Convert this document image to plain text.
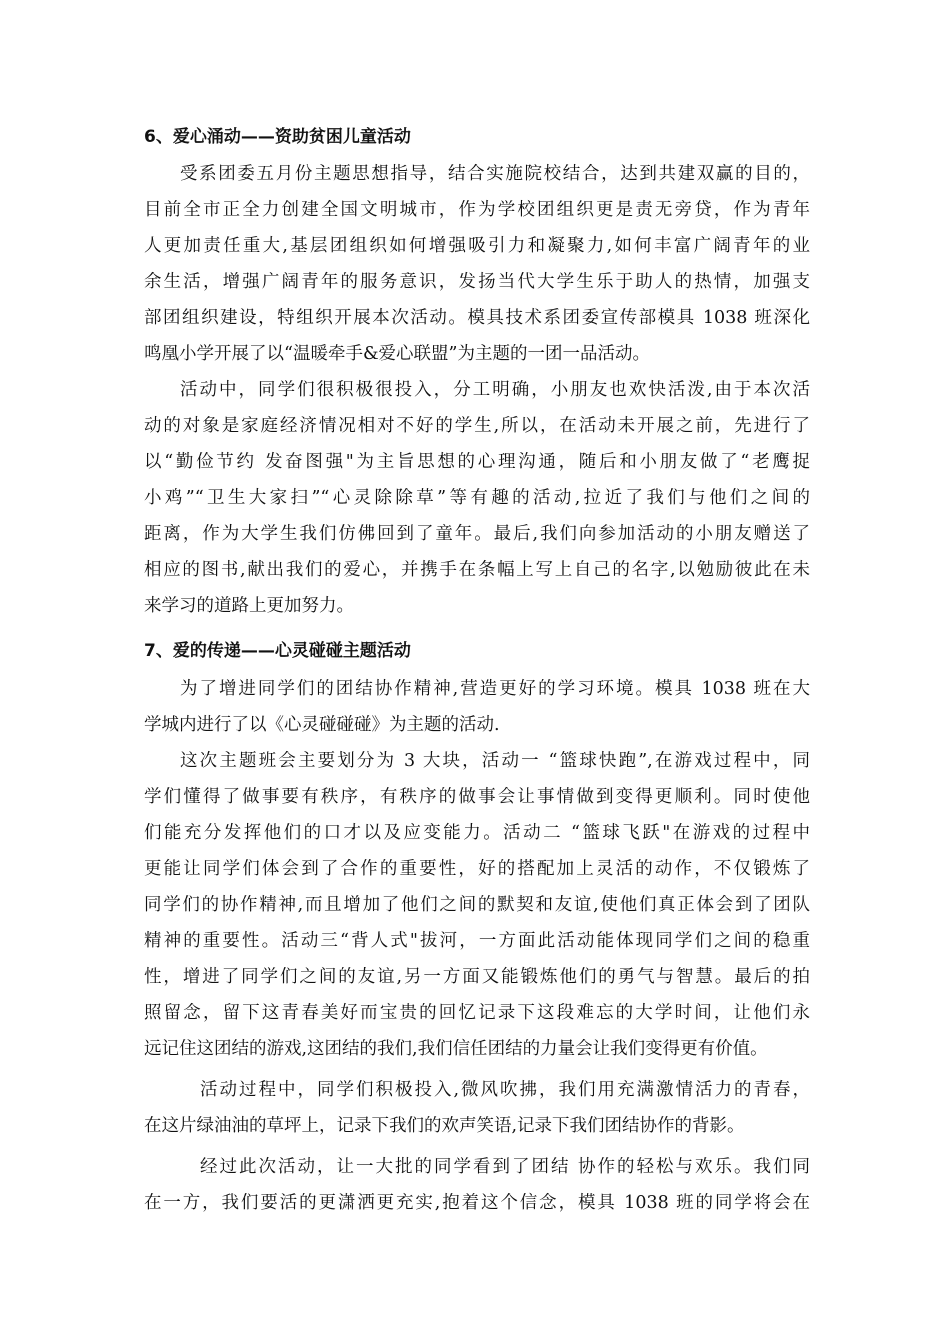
6、爱心涌动——资助贫困儿童活动
受系团委五月份主题思想指导，结合实施院校结合，达到共建双赢的目的，
目前全市正全力创建全国文明城市，作为学校团组织更是责无旁贷，作为青年
人更加责任重大,基层团组织如何增强吸引力和凝聚力,如何丰富广阔青年的业
余生活，增强广阔青年的服务意识，发扬当代大学生乐于助人的热情，加强支
部团组织建设，特组织开展本次活动。模具技术系团委宣传部模具 1038 班深化
鸣凰小学开展了以“温暖牵手&爱心联盟”为主题的一团一品活动。
活动中，同学们很积极很投入，分工明确，小朋友也欢快活泼,由于本次活
动的对象是家庭经济情况相对不好的学生,所以，在活动未开展之前，先进行了
以“勤俭节约 发奋图强"为主旨思想的心理沟通，随后和小朋友做了“老鹰捉
小鸡”“卫生大家扫”“心灵除除草”等有趣的活动,拉近了我们与他们之间的
距离，作为大学生我们仿佛回到了童年。最后,我们向参加活动的小朋友赠送了
相应的图书,献出我们的爱心，并携手在条幅上写上自己的名字,以勉励彼此在未
来学习的道路上更加努力。
7、爱的传递——心灵碰碰主题活动
为了增进同学们的团结协作精神,营造更好的学习环境。模具 1038 班在大
学城内进行了以《心灵碰碰碰》为主题的活动.
这次主题班会主要划分为 3 大块，活动一 “篮球快跑”,在游戏过程中，同
学们懂得了做事要有秩序，有秩序的做事会让事情做到变得更顺利。同时使他
们能充分发挥他们的口才以及应变能力。活动二 “篮球飞跃"在游戏的过程中
更能让同学们体会到了合作的重要性，好的搭配加上灵活的动作，不仅锻炼了
同学们的协作精神,而且增加了他们之间的默契和友谊,使他们真正体会到了团队
精神的重要性。活动三“背人式"拔河，一方面此活动能体现同学们之间的稳重
性，增进了同学们之间的友谊,另一方面又能锻炼他们的勇气与智慧。最后的拍
照留念，留下这青春美好而宝贵的回忆记录下这段难忘的大学时间，让他们永
远记住这团结的游戏,这团结的我们,我们信任团结的力量会让我们变得更有价值。
活动过程中，同学们积极投入,微风吹拂，我们用充满激情活力的青春，
在这片绿油油的草坪上，记录下我们的欢声笑语,记录下我们团结协作的背影。
经过此次活动，让一大批的同学看到了团结 协作的轻松与欢乐。我们同
在一方，我们要活的更潇洒更充实,抱着这个信念，模具 1038 班的同学将会在
